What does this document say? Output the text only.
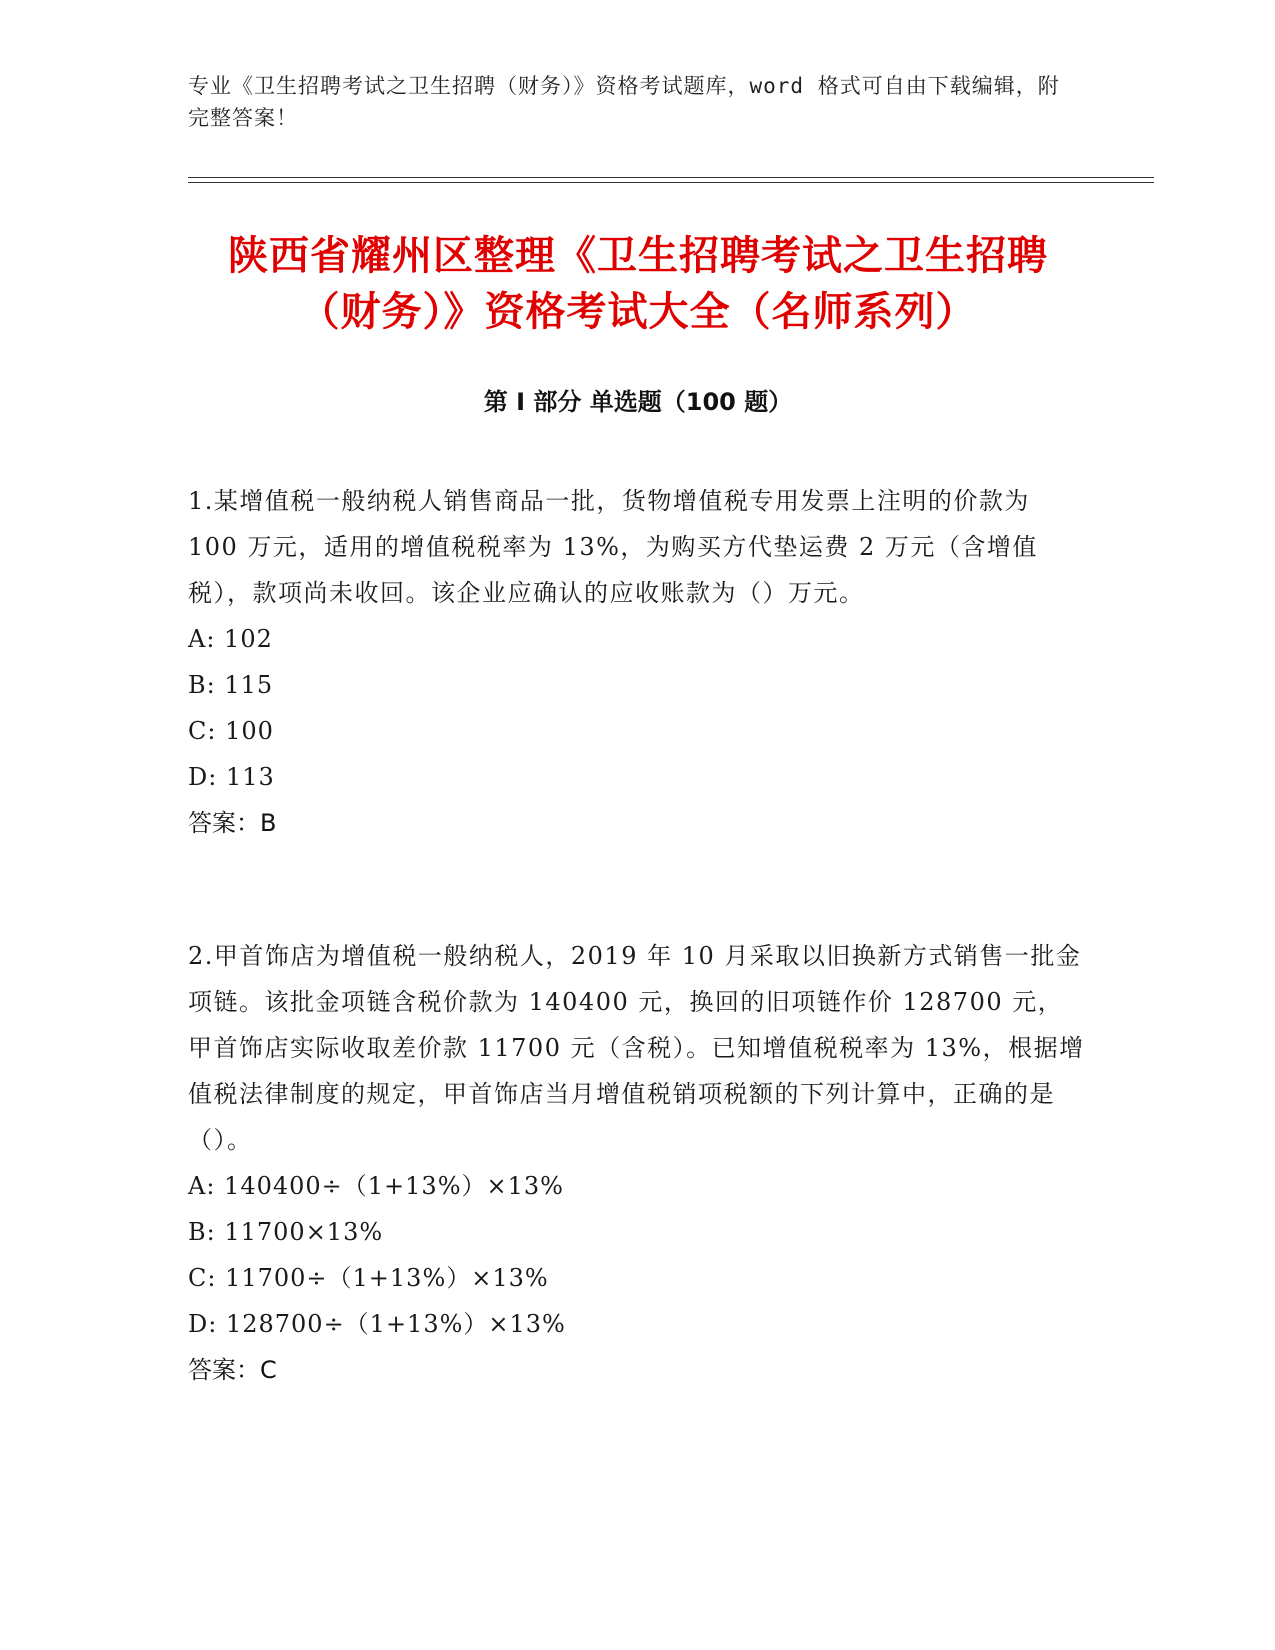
专业《卫生招聘考试之卫生招聘（财务）》资格考试题库，word 格式可自由下载编辑，附完整答案！

陕西省耀州区整理《卫生招聘考试之卫生招聘（财务）》资格考试大全（名师系列）
第 I 部分 单选题（100 题）

1.某增值税一般纳税人销售商品一批，货物增值税专用发票上注明的价款为 100 万元，适用的增值税税率为 13%，为购买方代垫运费 2 万元（含增值税），款项尚未收回。该企业应确认的应收账款为（）万元。

A: 102

B: 115

C: 100

D: 113

答案：B

2.甲首饰店为增值税一般纳税人，2019 年 10 月采取以旧换新方式销售一批金项链。该批金项链含税价款为 140400 元，换回的旧项链作价 128700 元，甲首饰店实际收取差价款 11700 元（含税）。已知增值税税率为 13%，根据增值税法律制度的规定，甲首饰店当月增值税销项税额的下列计算中，正确的是（）。

A: 140400÷（1+13%）×13%

B: 11700×13%

C: 11700÷（1+13%）×13%

D: 128700÷（1+13%）×13%

答案：C
